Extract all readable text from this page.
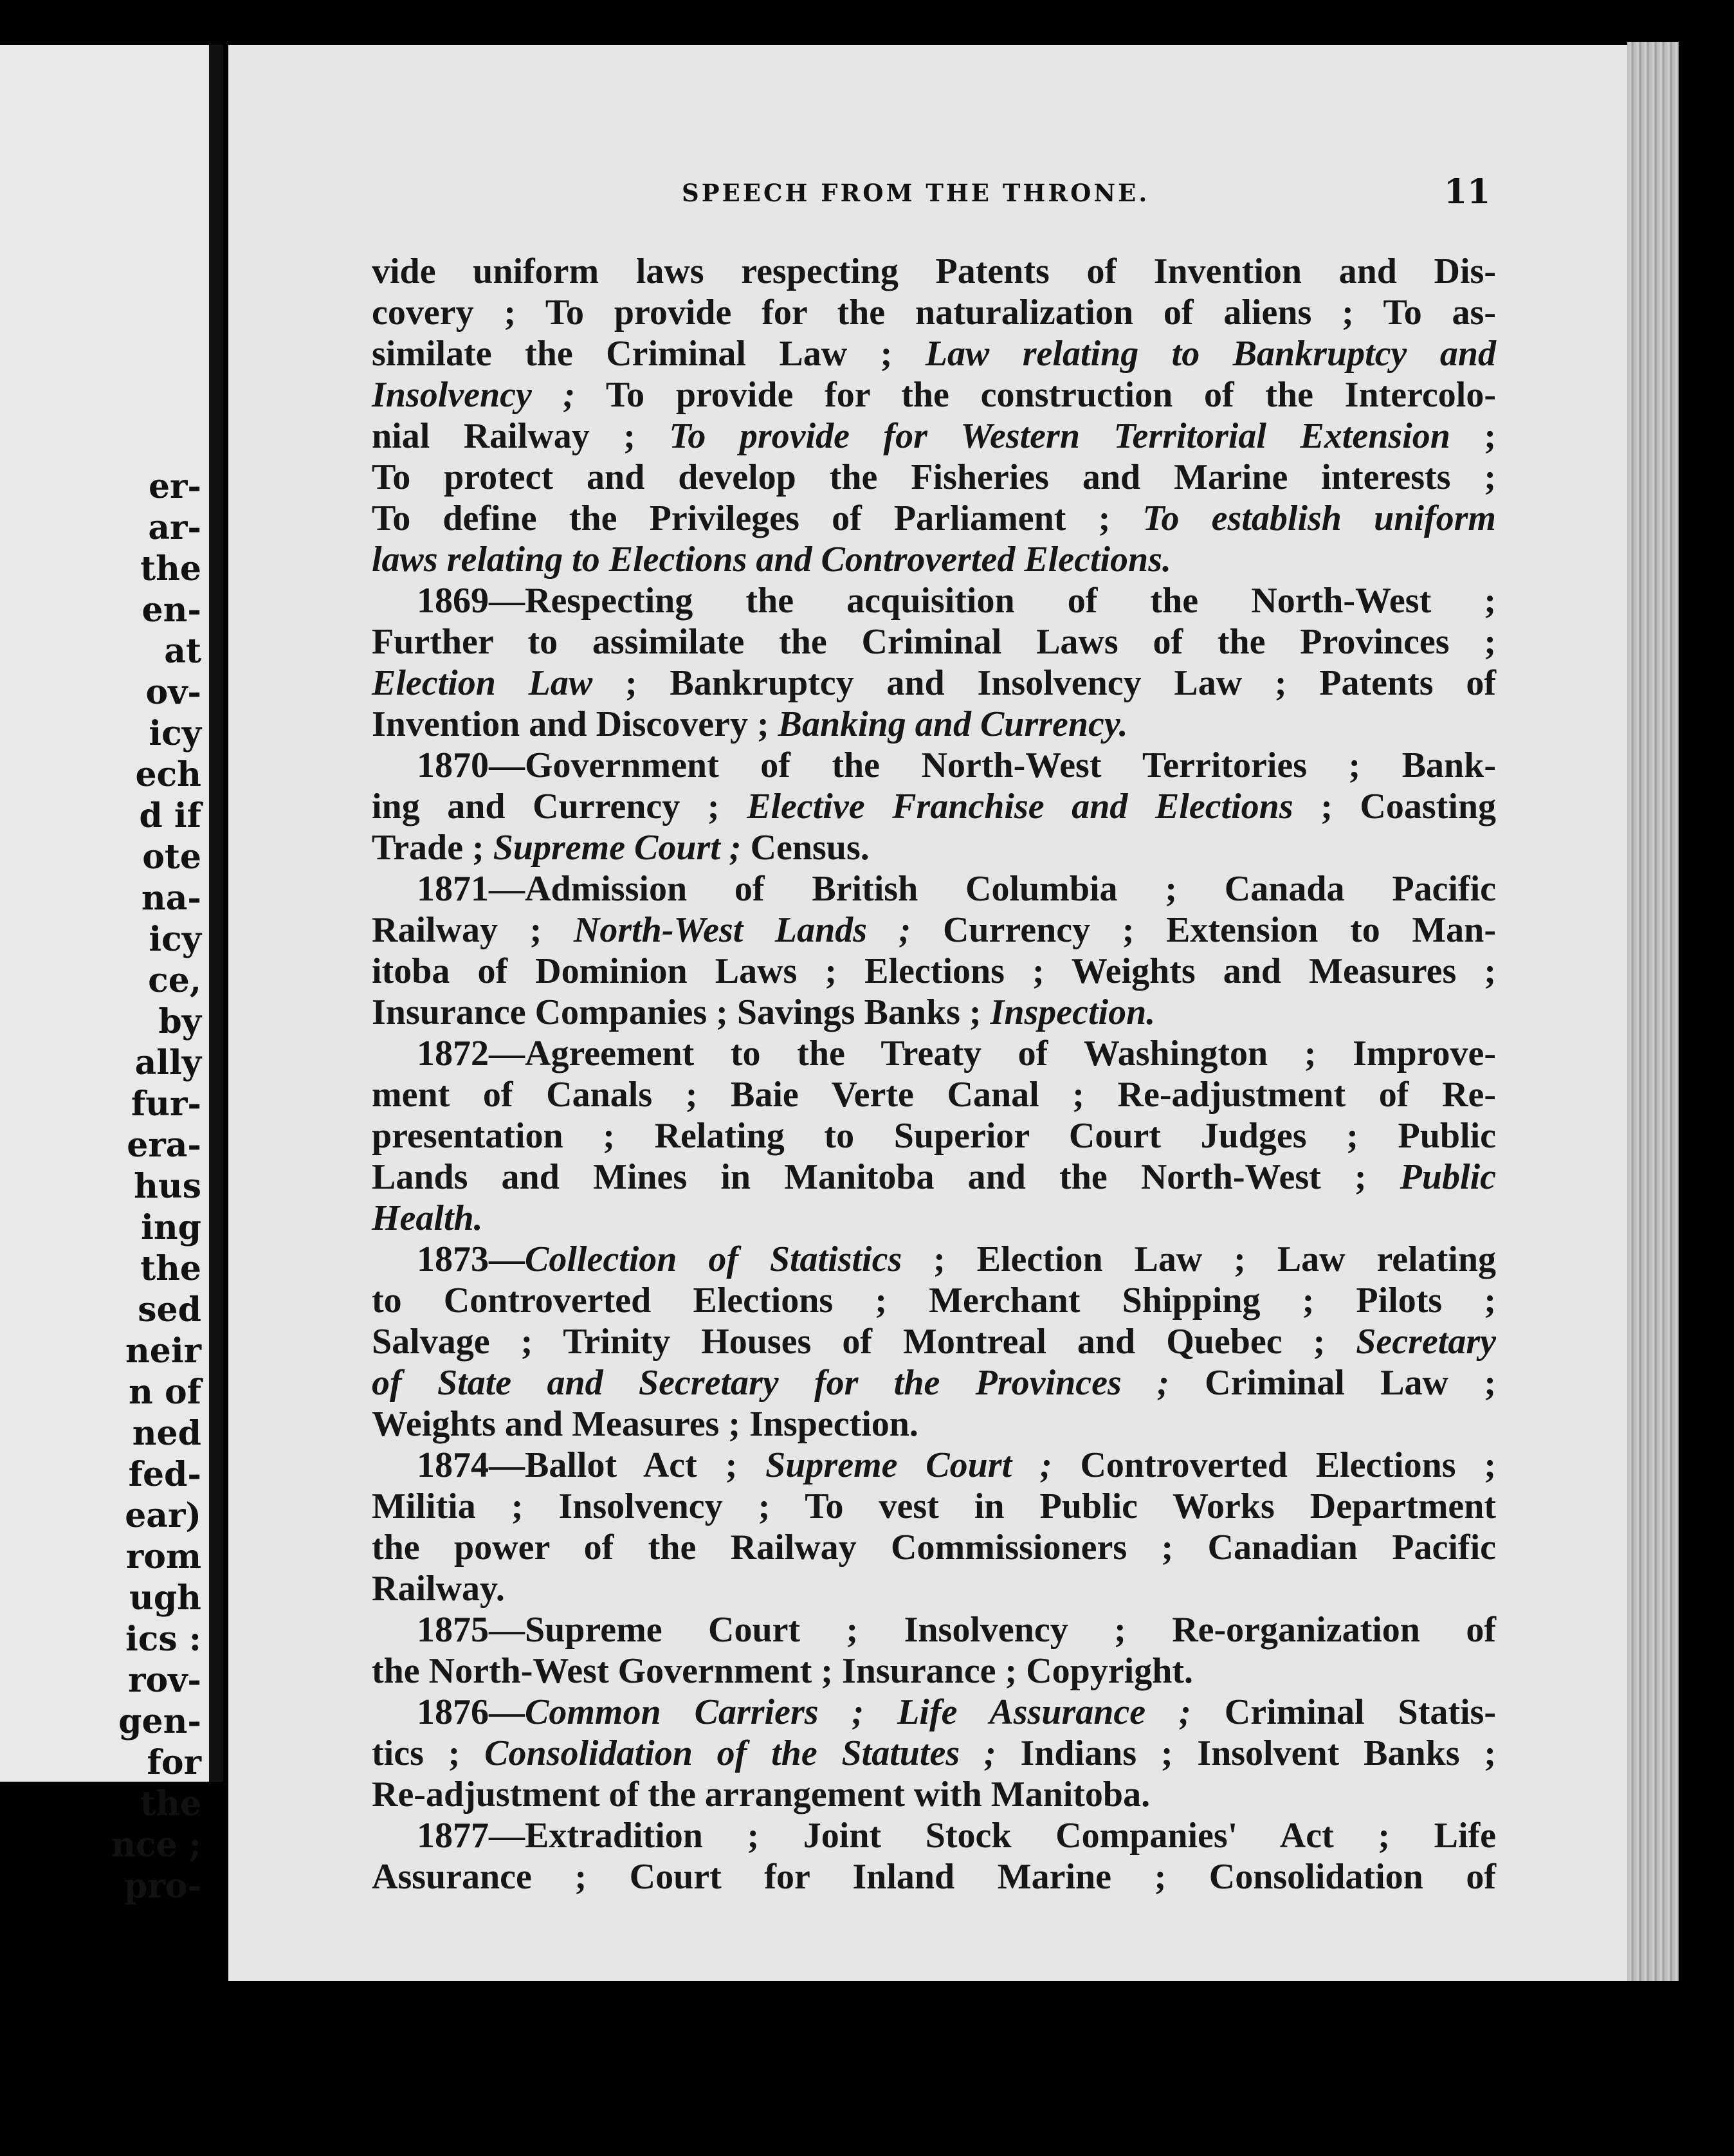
er-
ar-
the
en-
at
ov-
icy
ech
d if
ote
na-
icy
ce,
by
ally
fur-
era-
hus
ing
the
sed
neir
n of
ned
fed-
ear)
rom
ugh
ics :
rov-
gen-
for
the
nce ;
pro-
SPEECH FROM THE THRONE.	11
vide uniform laws respecting Patents of Invention and Dis-
covery ; To provide for the naturalization of aliens ; To as-
similate the Criminal Law ; Law relating to Bankruptcy and
Insolvency ; To provide for the construction of the Intercolo-
nial Railway ; To provide for Western Territorial Extension ;
To protect and develop the Fisheries and Marine interests ;
To define the Privileges of Parliament ; To establish uniform
laws relating to Elections and Controverted Elections.
1869—Respecting the acquisition of the North-West ;
Further to assimilate the Criminal Laws of the Provinces ;
Election Law ; Bankruptcy and Insolvency Law ; Patents of
Invention and Discovery ; Banking and Currency.
1870—Government of the North-West Territories ; Bank-
ing and Currency ; Elective Franchise and Elections ; Coasting
Trade ; Supreme Court ; Census.
1871—Admission of British Columbia ; Canada Pacific
Railway ; North-West Lands ; Currency ; Extension to Man-
itoba of Dominion Laws ; Elections ; Weights and Measures ;
Insurance Companies ; Savings Banks ; Inspection.
1872—Agreement to the Treaty of Washington ; Improve-
ment of Canals ; Baie Verte Canal ; Re-adjustment of Re-
presentation ; Relating to Superior Court Judges ; Public
Lands and Mines in Manitoba and the North-West ; Public
Health.
1873—Collection of Statistics ; Election Law ; Law relating
to Controverted Elections ; Merchant Shipping ; Pilots ;
Salvage ; Trinity Houses of Montreal and Quebec ; Secretary
of State and Secretary for the Provinces ; Criminal Law ;
Weights and Measures ; Inspection.
1874—Ballot Act ; Supreme Court ; Controverted Elections ;
Militia ; Insolvency ; To vest in Public Works Department
the power of the Railway Commissioners ; Canadian Pacific
Railway.
1875—Supreme Court ; Insolvency ; Re-organization of
the North-West Government ; Insurance ; Copyright.
1876—Common Carriers ; Life Assurance ; Criminal Statis-
tics ; Consolidation of the Statutes ; Indians ; Insolvent Banks ;
Re-adjustment of the arrangement with Manitoba.
1877—Extradition ; Joint Stock Companies' Act ; Life
Assurance ; Court for Inland Marine ; Consolidation of
